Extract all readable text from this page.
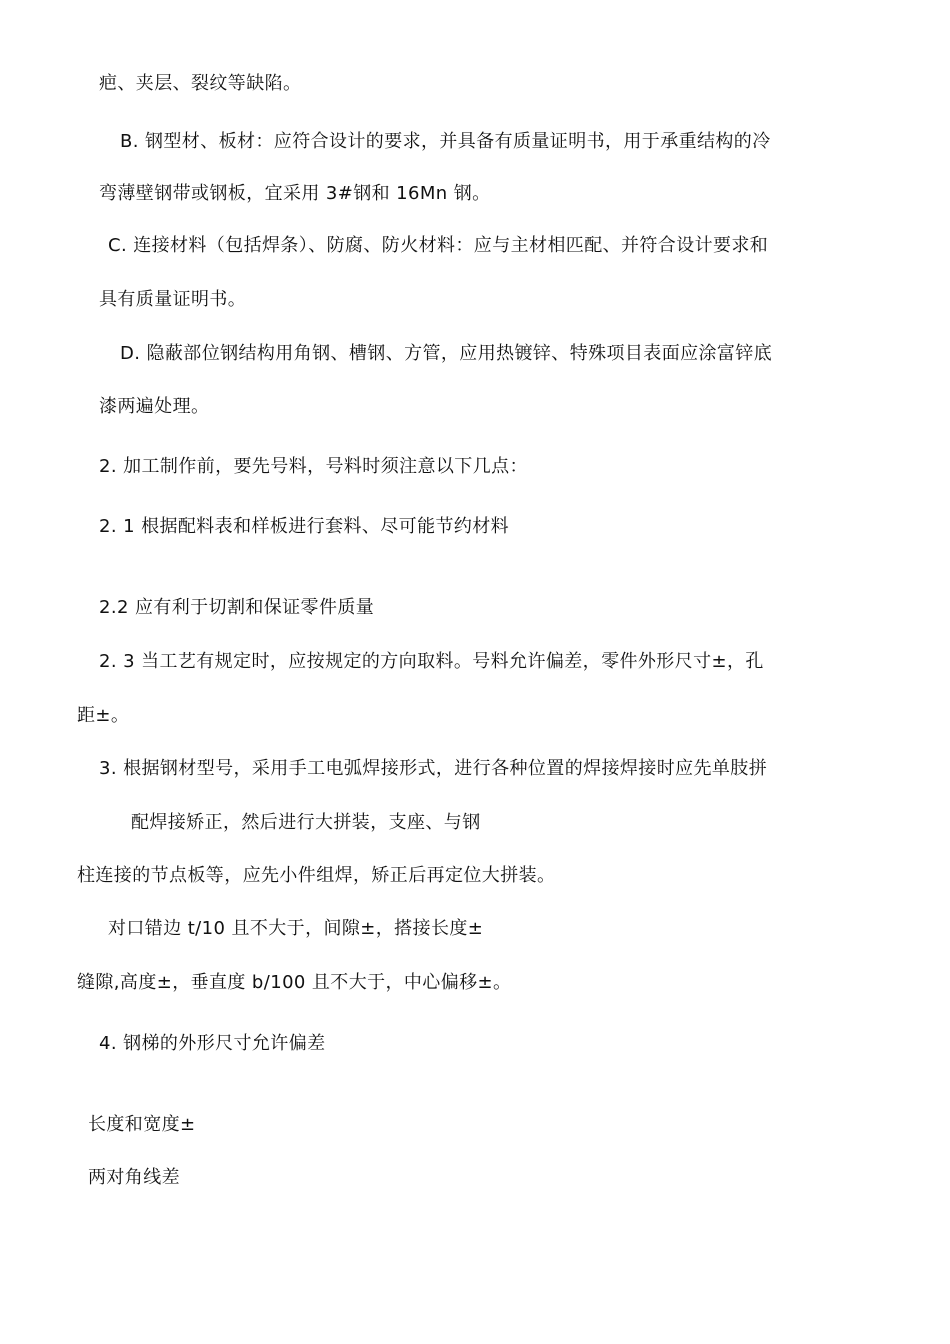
疤、夹层、裂纹等缺陷。
B. 钢型材、板材：应符合设计的要求，并具备有质量证明书，用于承重结构的冷
弯薄壁钢带或钢板，宜采用 3#钢和 16Mn 钢。
C. 连接材料（包括焊条）、防腐、防火材料：应与主材相匹配、并符合设计要求和
具有质量证明书。
D. 隐蔽部位钢结构用角钢、槽钢、方管，应用热镀锌、特殊项目表面应涂富锌底
漆两遍处理。
2. 加工制作前，要先号料，号料时须注意以下几点：
2. 1 根据配料表和样板进行套料、尽可能节约材料
2.2 应有利于切割和保证零件质量
2. 3 当工艺有规定时，应按规定的方向取料。号料允许偏差，零件外形尺寸±，孔
距±。
3. 根据钢材型号，采用手工电弧焊接形式，进行各种位置的焊接焊接时应先单肢拼
配焊接矫正，然后进行大拼装，支座、与钢
柱连接的节点板等，应先小件组焊，矫正后再定位大拼装。
对口错边 t/10 且不大于，间隙±，搭接长度±
缝隙,高度±，垂直度 b/100 且不大于，中心偏移±。
4. 钢梯的外形尺寸允许偏差
长度和宽度±
两对角线差
